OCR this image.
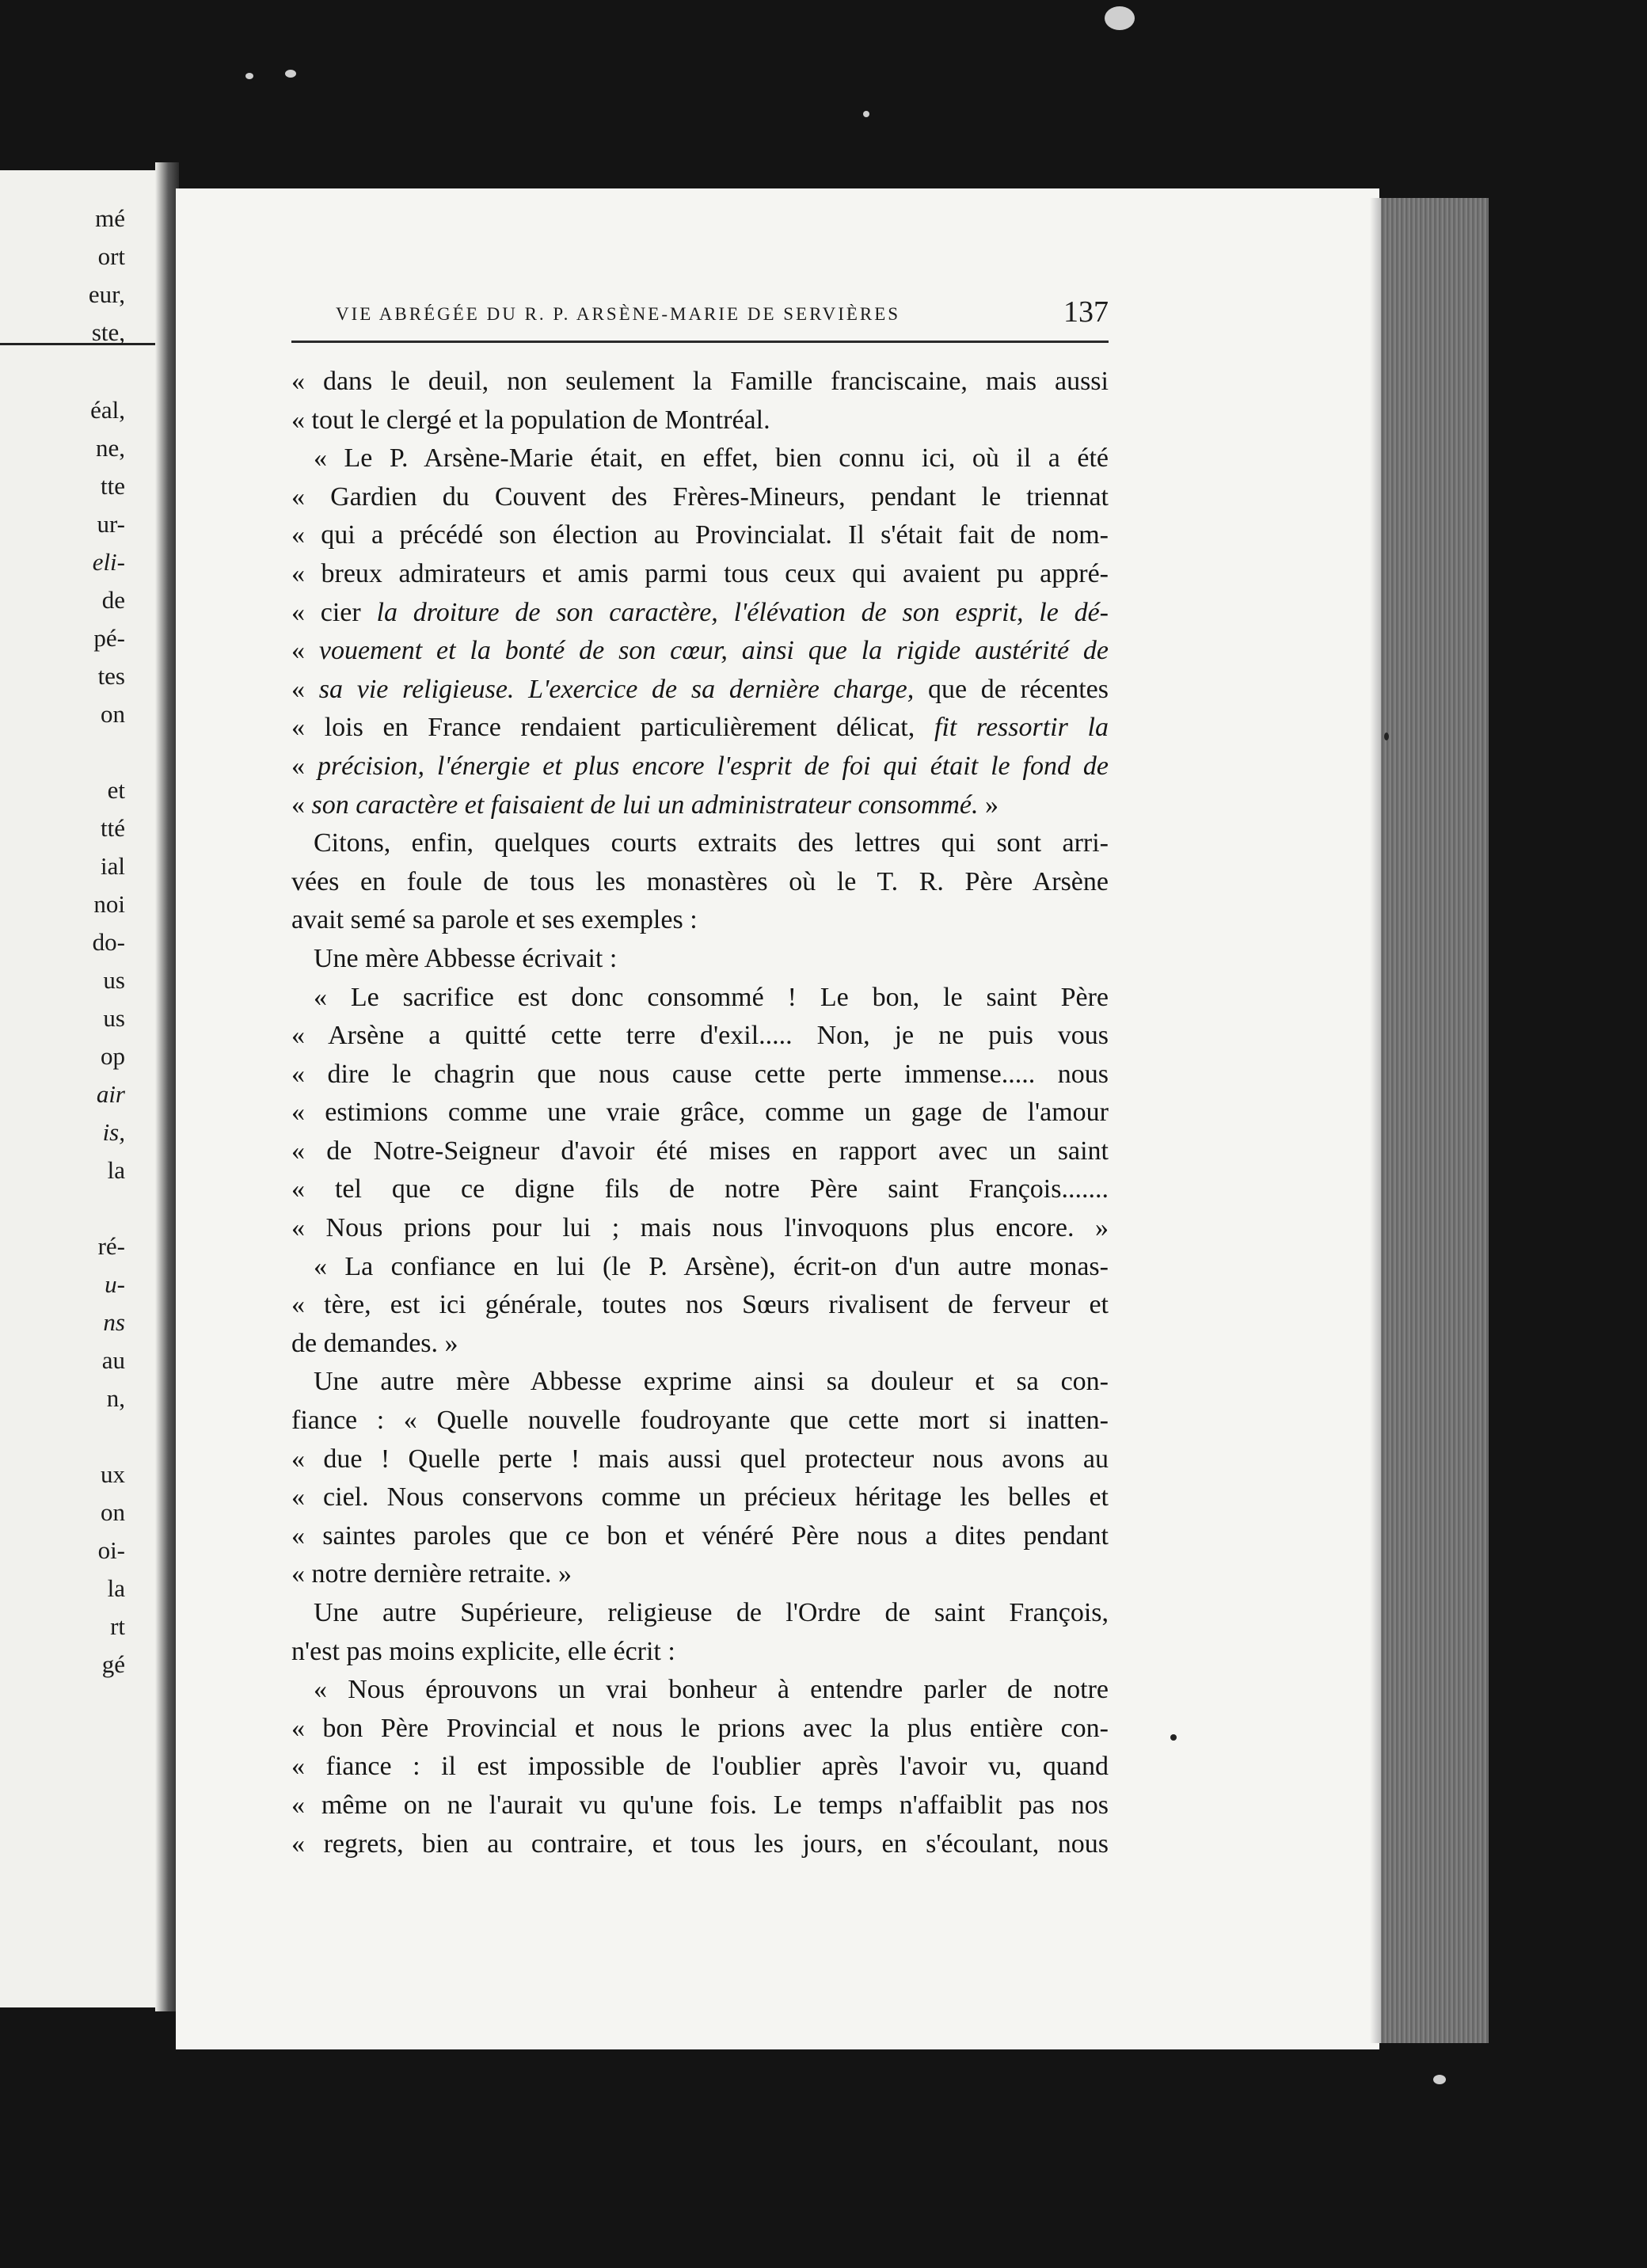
mé
ort
eur,
ste,
éal,
ne,
tte
ur-
eli-
de
pé-
tes
on
et
tté
ial
noi
do-
us
us
op
air
is,
la
ré-
u-
ns
au
n,
ux
on
oi-
la
rt
gé
VIE ABRÉGÉE DU R. P. ARSÈNE-MARIE DE SERVIÈRES	137
« dans le deuil, non seulement la Famille franciscaine, mais aussi
« tout le clergé et la population de Montréal.
« Le P. Arsène-Marie était, en effet, bien connu ici, où il a été
« Gardien du Couvent des Frères-Mineurs, pendant le triennat
« qui a précédé son élection au Provincialat. Il s'était fait de nom-
« breux admirateurs et amis parmi tous ceux qui avaient pu appré-
« cier la droiture de son caractère, l'élévation de son esprit, le dé-
« vouement et la bonté de son cœur, ainsi que la rigide austérité de
« sa vie religieuse. L'exercice de sa dernière charge, que de récentes
« lois en France rendaient particulièrement délicat, fit ressortir la
« précision, l'énergie et plus encore l'esprit de foi qui était le fond de
« son caractère et faisaient de lui un administrateur consommé. »
Citons, enfin, quelques courts extraits des lettres qui sont arri-
vées en foule de tous les monastères où le T. R. Père Arsène
avait semé sa parole et ses exemples :
Une mère Abbesse écrivait :
« Le sacrifice est donc consommé ! Le bon, le saint Père
« Arsène a quitté cette terre d'exil..... Non, je ne puis vous
« dire le chagrin que nous cause cette perte immense..... nous
« estimions comme une vraie grâce, comme un gage de l'amour
« de Notre-Seigneur d'avoir été mises en rapport avec un saint
« tel que ce digne fils de notre Père saint François.......
« Nous prions pour lui ; mais nous l'invoquons plus encore. »
« La confiance en lui (le P. Arsène), écrit-on d'un autre monas-
« tère, est ici générale, toutes nos Sœurs rivalisent de ferveur et
de demandes. »
Une autre mère Abbesse exprime ainsi sa douleur et sa con-
fiance : « Quelle nouvelle foudroyante que cette mort si inatten-
« due ! Quelle perte ! mais aussi quel protecteur nous avons au
« ciel. Nous conservons comme un précieux héritage les belles et
« saintes paroles que ce bon et vénéré Père nous a dites pendant
« notre dernière retraite. »
Une autre Supérieure, religieuse de l'Ordre de saint François,
n'est pas moins explicite, elle écrit :
« Nous éprouvons un vrai bonheur à entendre parler de notre
« bon Père Provincial et nous le prions avec la plus entière con-
« fiance : il est impossible de l'oublier après l'avoir vu, quand
« même on ne l'aurait vu qu'une fois. Le temps n'affaiblit pas nos
« regrets, bien au contraire, et tous les jours, en s'écoulant, nous
